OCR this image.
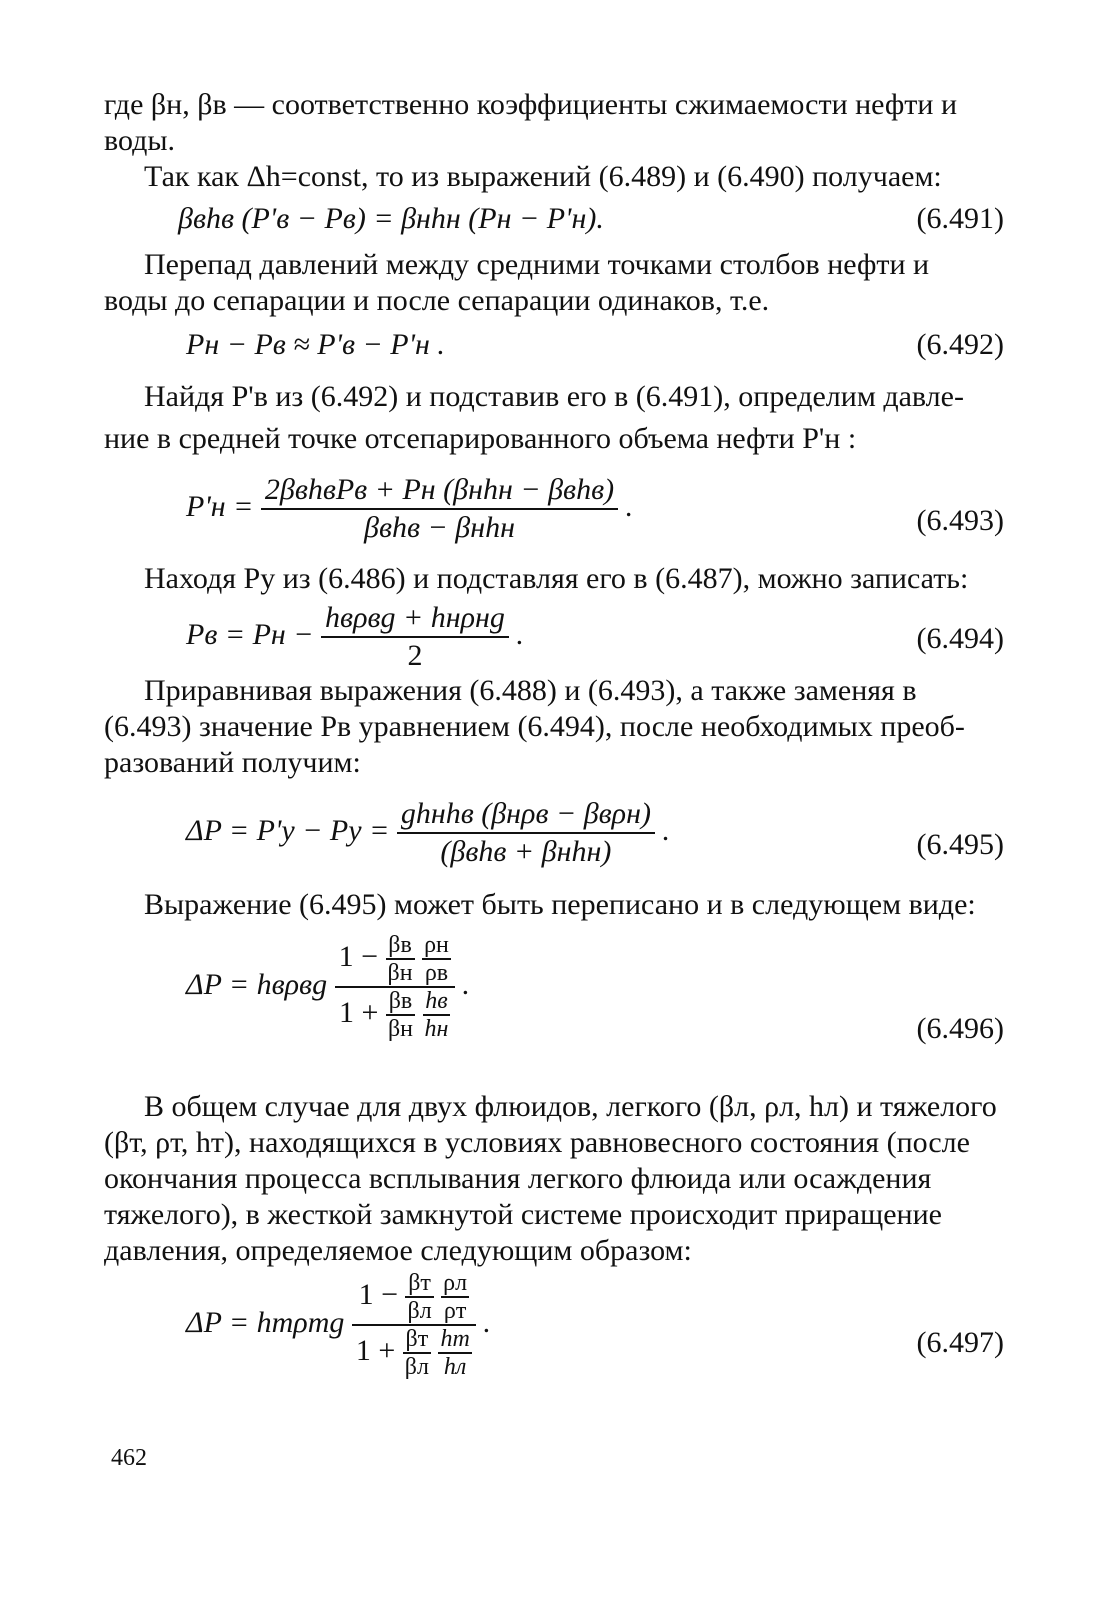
где βн, βв — соответственно коэффициенты сжимаемости нефти и
воды.
Так как Δh=const, то из выражений (6.489) и (6.490) получаем:
βвhв (P'в − Pв) = βнhн (Pн − P'н).	(6.491)
Перепад давлений между средними точками столбов нефти и
воды до сепарации и после сепарации одинаков, т.е.
Pн − Pв ≈ P'в − P'н .	(6.492)
Найдя P'в из (6.492) и подставив его в (6.491), определим давле-
ние в средней точке отсепарированного объема нефти P'н :
$P'н = \frac{\text{2βвhвPв + Pн (βнhн − βвhв)}}{\text{βвhв − βнhн}}$ .	(6.493)
Находя Pу из (6.486) и подставляя его в (6.487), можно записать:
Pв = Pн − $\frac{\text{hвρвg + hнρнg}}{2}$ .	(6.494)
Приравнивая выражения (6.488) и (6.493), а также заменяя в
(6.493) значение Pв уравнением (6.494), после необходимых преоб-
разований получим:
ΔP = P'у − Pу = $\frac{\text{ghнhв (βнρв − βвρн)}}{\text{(βвhв + βнhн)}}$ .	(6.495)
Выражение (6.495) может быть переписано и в следующем виде:
ΔP = hвρвg
$1 - \frac{\beta в}{\beta н}$
$\frac{\rho н}{\rho в}$
$1 + \frac{\beta в}{\beta н}$
$\frac{hв}{hн}$
.
(6.496)
В общем случае для двух флюидов, легкого (βл, ρл, hл) и тяжелого
(βт, ρт, hт), находящихся в условиях равновесного состояния (после
окончания процесса всплывания легкого флюида или осаждения
тяжелого), в жесткой замкнутой системе происходит приращение
давления, определяемое следующим образом:
ΔP = hтρтg
$1 - \frac{\beta т}{\beta л}$
$\frac{\rho л}{\rho т}$
$1 + \frac{\beta т}{\beta л}$
$\frac{hт}{hл}$
.
(6.497)
462
